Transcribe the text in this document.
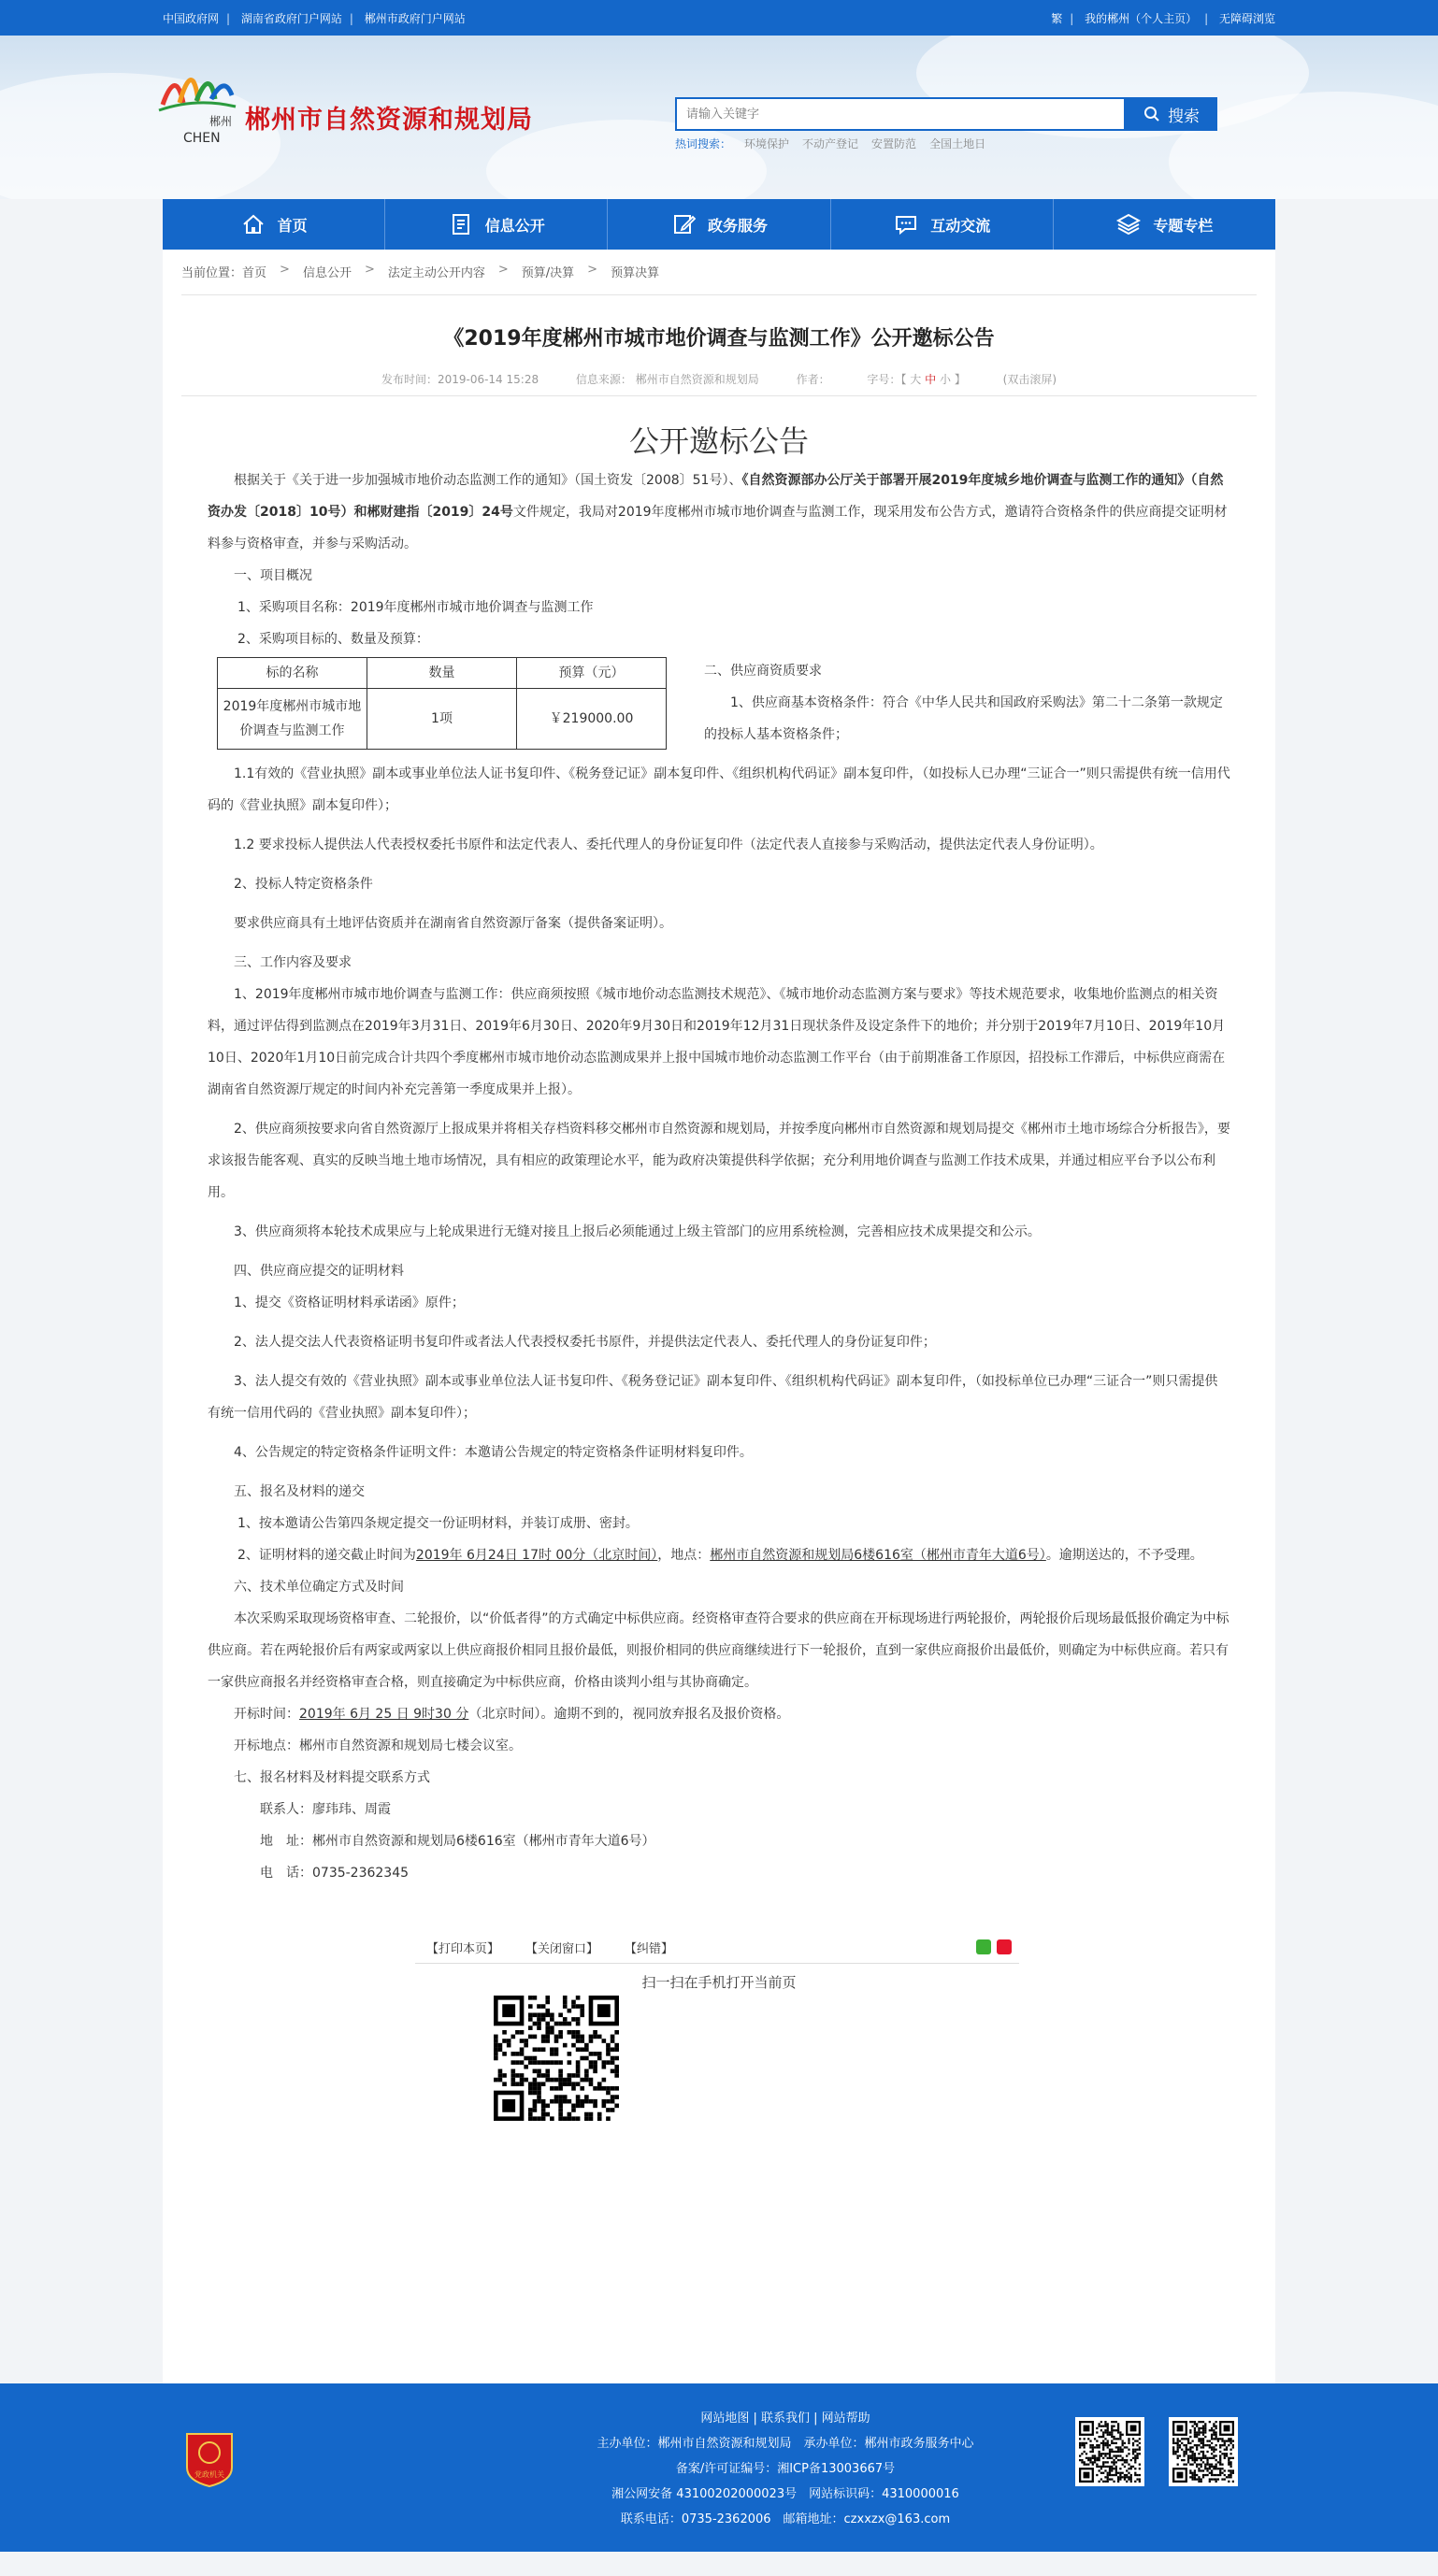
中国政府网 | 湖南省政府门户网站 | 郴州市政府门户网站	繁 | 我的郴州（个人主页） | 无障碍浏览
郴州
CHEN
郴州市自然资源和规划局
请输入关键字	搜索
热词搜索： 环境保护 不动产登记 安置防范 全国土地日
首页	信息公开	政务服务	互动交流	专题专栏
当前位置： 首页 > 信息公开 > 法定主动公开内容 > 预算/决算 > 预算决算
《2019年度郴州市城市地价调查与监测工作》公开邀标公告
发布时间：2019-06-14 15:28	信息来源： 郴州市自然资源和规划局	作者：	字号：【 大 中 小 】	(双击滚屏)
公开邀标公告

根据关于《关于进一步加强城市地价动态监测工作的通知》（国土资发〔2008〕51号）、《自然资源部办公厅关于部署开展2019年度城乡地价调查与监测工作的通知》（自然资办发〔2018〕10号）和郴财建指〔2019〕24号文件规定，我局对2019年度郴州市城市地价调查与监测工作，现采用发布公告方式，邀请符合资格条件的供应商提交证明材料参与资格审查，并参与采购活动。

一、项目概况

1、采购项目名称：2019年度郴州市城市地价调查与监测工作

2、采购项目标的、数量及预算：

标的名称	数量	预算（元）
2019年度郴州市城市地价调查与监测工作	1项	￥219000.00

二、供应商资质要求

1、供应商基本资格条件：符合《中华人民共和国政府采购法》第二十二条第一款规定的投标人基本资格条件；

1.1有效的《营业执照》副本或事业单位法人证书复印件、《税务登记证》副本复印件、《组织机构代码证》副本复印件，（如投标人已办理“三证合一”则只需提供有统一信用代码的《营业执照》副本复印件）；

1.2 要求投标人提供法人代表授权委托书原件和法定代表人、委托代理人的身份证复印件（法定代表人直接参与采购活动，提供法定代表人身份证明）。

2、投标人特定资格条件

要求供应商具有土地评估资质并在湖南省自然资源厅备案（提供备案证明）。

三、工作内容及要求

1、2019年度郴州市城市地价调查与监测工作：供应商须按照《城市地价动态监测技术规范》、《城市地价动态监测方案与要求》等技术规范要求，收集地价监测点的相关资料，通过评估得到监测点在2019年3月31日、2019年6月30日、2020年9月30日和2019年12月31日现状条件及设定条件下的地价；并分别于2019年7月10日、2019年10月10日、2020年1月10日前完成合计共四个季度郴州市城市地价动态监测成果并上报中国城市地价动态监测工作平台（由于前期准备工作原因，招投标工作滞后，中标供应商需在湖南省自然资源厅规定的时间内补充完善第一季度成果并上报）。

2、供应商须按要求向省自然资源厅上报成果并将相关存档资料移交郴州市自然资源和规划局，并按季度向郴州市自然资源和规划局提交《郴州市土地市场综合分析报告》，要求该报告能客观、真实的反映当地土地市场情况，具有相应的政策理论水平，能为政府决策提供科学依据；充分利用地价调查与监测工作技术成果，并通过相应平台予以公布利用。

3、供应商须将本轮技术成果应与上轮成果进行无缝对接且上报后必须能通过上级主管部门的应用系统检测，完善相应技术成果提交和公示。

四、供应商应提交的证明材料

1、提交《资格证明材料承诺函》原件；

2、法人提交法人代表资格证明书复印件或者法人代表授权委托书原件，并提供法定代表人、委托代理人的身份证复印件；

3、法人提交有效的《营业执照》副本或事业单位法人证书复印件、《税务登记证》副本复印件、《组织机构代码证》副本复印件，（如投标单位已办理“三证合一”则只需提供有统一信用代码的《营业执照》副本复印件）；

4、公告规定的特定资格条件证明文件：本邀请公告规定的特定资格条件证明材料复印件。

五、报名及材料的递交

1、按本邀请公告第四条规定提交一份证明材料，并装订成册、密封。

2、证明材料的递交截止时间为2019年 6月24日 17时 00分（北京时间），地点：郴州市自然资源和规划局6楼616室（郴州市青年大道6号）。逾期送达的，不予受理。

六、技术单位确定方式及时间

本次采购采取现场资格审查、二轮报价，以“价低者得”的方式确定中标供应商。经资格审查符合要求的供应商在开标现场进行两轮报价，两轮报价后现场最低报价确定为中标供应商。若在两轮报价后有两家或两家以上供应商报价相同且报价最低，则报价相同的供应商继续进行下一轮报价，直到一家供应商报价出最低价，则确定为中标供应商。若只有一家供应商报名并经资格审查合格，则直接确定为中标供应商，价格由谈判小组与其协商确定。

开标时间：2019年 6月 25 日 9时30 分（北京时间）。逾期不到的，视同放弃报名及报价资格。

开标地点：郴州市自然资源和规划局七楼会议室。

七、报名材料及材料提交联系方式

联系人：廖玮玮、周霞

地　址：郴州市自然资源和规划局6楼616室（郴州市青年大道6号）

电　话：0735-2362345

【打印本页】 【关闭窗口】 【纠错】
扫一扫在手机打开当前页
党政机关
网站地图 | 联系我们 | 网站帮助
主办单位：郴州市自然资源和规划局　承办单位：郴州市政务服务中心
备案/许可证编号：湘ICP备13003667号
湘公网安备 43100202000023号　网站标识码：4310000016
联系电话：0735-2362006　邮箱地址：czxxzx@163.com
